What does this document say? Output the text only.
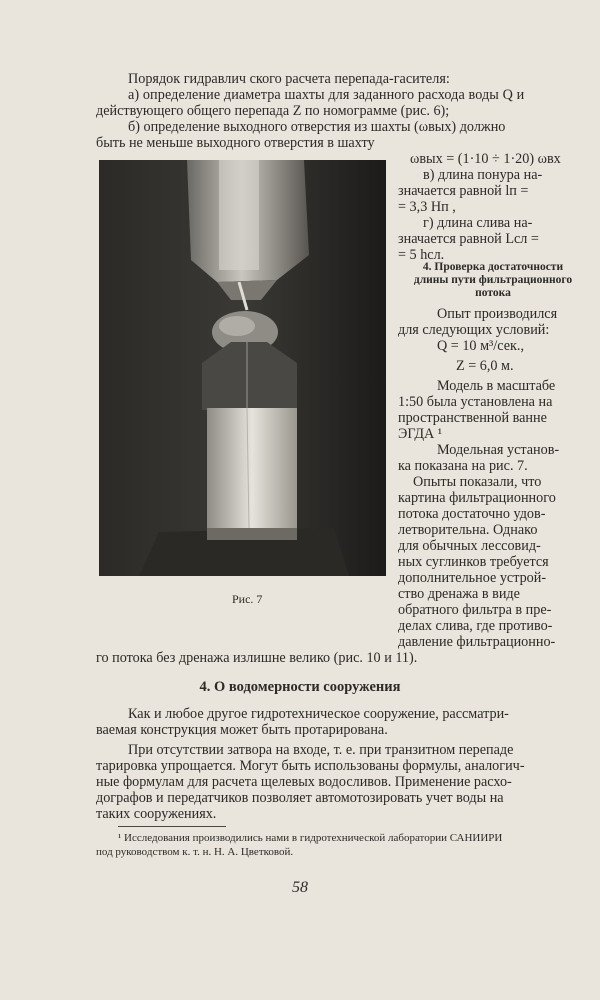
Порядок гидравлич ского расчета перепада-гасителя:
а) определение диаметра шахты для заданного расхода воды Q и
действующего общего перепада Z по номограмме (рис. 6);
б) определение выходного отверстия из шахты (ωвых) должно
быть не меньше выходного отверстия в шахту
ωвых = (1·10 ÷ 1·20) ωвх
в) длина понура на-
значается равной lп =
= 3,3 Нп ,
г) длина слива на-
значается равной Lсл =
= 5 hсл.
4. Проверка достаточности
длины пути фильтрационного
потока
Опыт производился
для следующих условий:
Q = 10 м³/сек.,
Z = 6,0 м.
Модель в масштабе
1:50 была установлена на
пространственной ванне
ЭГДА ¹
Модельная установ-
ка показана на рис. 7.
Опыты показали, что
картина фильтрационного
потока достаточно удов-
летворительна. Однако
для обычных лессовид-
ных суглинков требуется
дополнительное устрой-
ство дренажа в виде
обратного фильтра в пре-
делах слива, где противо-
давление фильтрационно-
Рис. 7
го потока без дренажа излишне велико (рис. 10 и 11).
4. О водомерности сооружения
Как и любое другое гидротехническое сооружение, рассматри-
ваемая конструкция может быть протарирована.
При отсутствии затвора на входе, т. е. при транзитном перепаде
тарировка упрощается. Могут быть использованы формулы, аналогич-
ные формулам для расчета щелевых водосливов. Применение расхо-
дографов и передатчиков позволяет автомотозировать учет воды на
таких сооружениях.
¹ Исследования производились нами в гидротехнической лаборатории САНИИРИ
под руководством к. т. н. Н. А. Цветковой.
58
